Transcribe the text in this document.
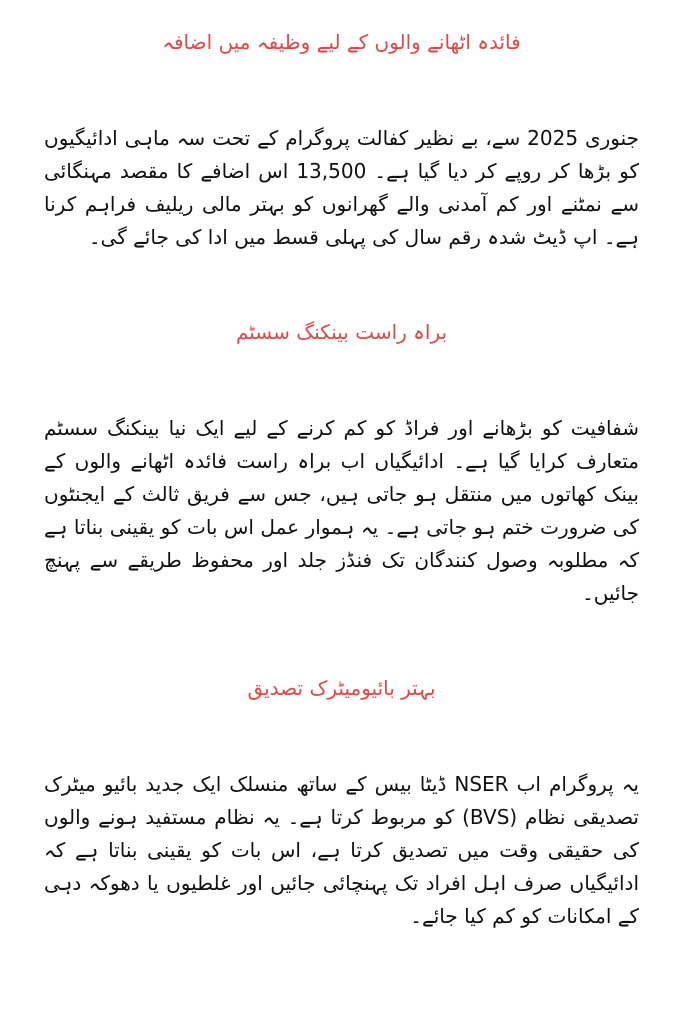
فائدہ اٹھانے والوں کے لیے وظیفہ میں اضافہ

جنوری 2025 سے، بے نظیر کفالت پروگرام کے تحت سہ ماہی ادائیگیوں کو بڑھا کر روپے کر دیا گیا ہے۔ 13,500 اس اضافے کا مقصد مہنگائی سے نمٹنے اور کم آمدنی والے گھرانوں کو بہتر مالی ریلیف فراہم کرنا ہے۔ اپ ڈیٹ شدہ رقم سال کی پہلی قسط میں ادا کی جائے گی۔

براہ راست بینکنگ سسٹم

شفافیت کو بڑھانے اور فراڈ کو کم کرنے کے لیے ایک نیا بینکنگ سسٹم متعارف کرایا گیا ہے۔ ادائیگیاں اب براہ راست فائدہ اٹھانے والوں کے بینک کھاتوں میں منتقل ہو جاتی ہیں، جس سے فریق ثالث کے ایجنٹوں کی ضرورت ختم ہو جاتی ہے۔ یہ ہموار عمل اس بات کو یقینی بناتا ہے کہ مطلوبہ وصول کنندگان تک فنڈز جلد اور محفوظ طریقے سے پہنچ جائیں۔

بہتر بائیومیٹرک تصدیق

یہ پروگرام اب NSER ڈیٹا بیس کے ساتھ منسلک ایک جدید بائیو میٹرک تصدیقی نظام (BVS) کو مربوط کرتا ہے۔ یہ نظام مستفید ہونے والوں کی حقیقی وقت میں تصدیق کرتا ہے، اس بات کو یقینی بناتا ہے کہ ادائیگیاں صرف اہل افراد تک پہنچائی جائیں اور غلطیوں یا دھوکہ دہی کے امکانات کو کم کیا جائے۔
